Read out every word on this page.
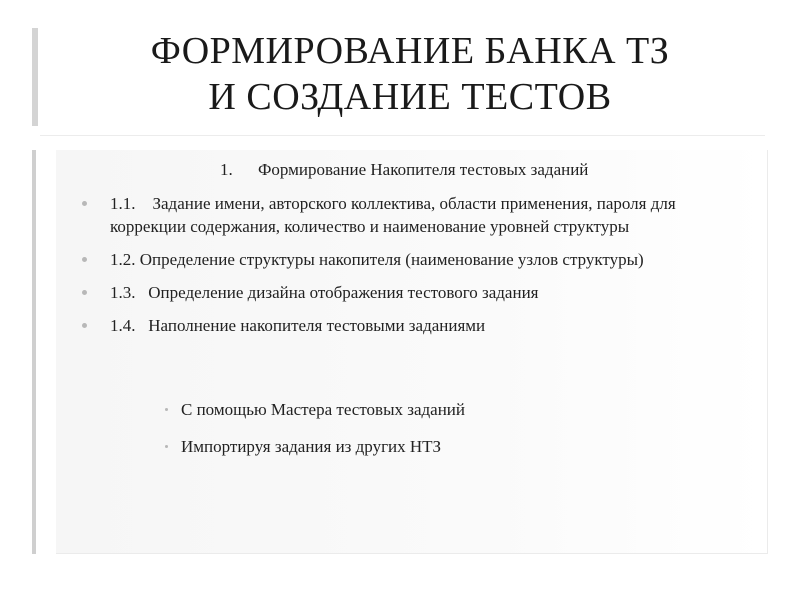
ФОРМИРОВАНИЕ БАНКА ТЗ
И СОЗДАНИЕ ТЕСТОВ
1. Формирование Накопителя тестовых заданий
1.1.    Задание имени, авторского коллектива, области применения, пароля для коррекции содержания, количество и наименование уровней структуры
1.2. Определение структуры накопителя (наименование узлов структуры)
1.3.   Определение дизайна отображения тестового задания
1.4.   Наполнение накопителя тестовыми заданиями
С помощью Мастера тестовых заданий
Импортируя задания из других НТЗ
